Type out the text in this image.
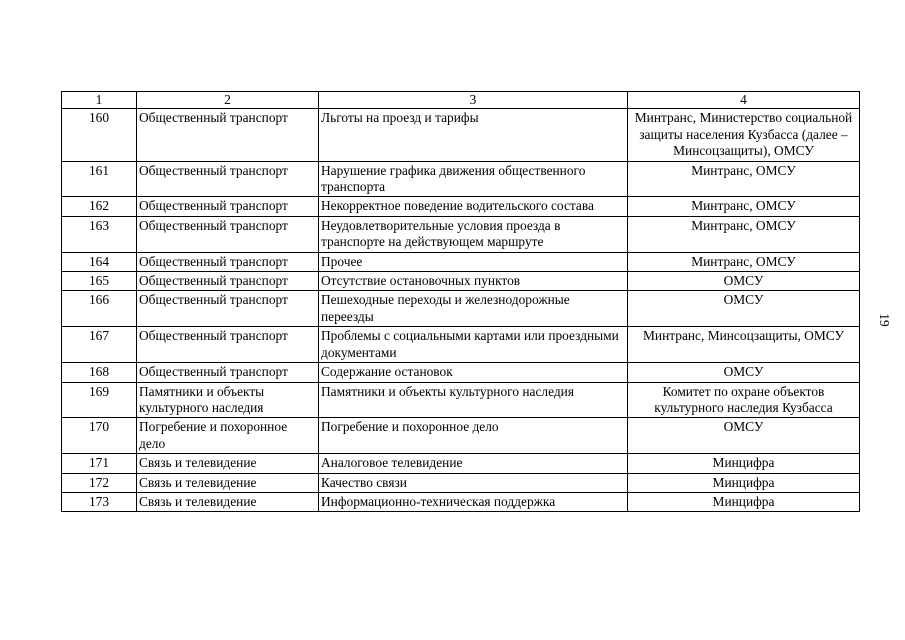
1	2	3	4
160	Общественный транспорт	Льготы на проезд и тарифы	Минтранс, Министерство социальной защиты населения Кузбасса (далее – Минсоцзащиты), ОМСУ
161	Общественный транспорт	Нарушение графика движения общественного транспорта	Минтранс, ОМСУ
162	Общественный транспорт	Некорректное поведение водительского состава	Минтранс, ОМСУ
163	Общественный транспорт	Неудовлетворительные условия проезда в транспорте на действующем маршруте	Минтранс, ОМСУ
164	Общественный транспорт	Прочее	Минтранс, ОМСУ
165	Общественный транспорт	Отсутствие остановочных пунктов	ОМСУ
166	Общественный транспорт	Пешеходные переходы и железнодорожные переезды	ОМСУ
167	Общественный транспорт	Проблемы с социальными картами или проездными документами	Минтранс, Минсоцзащиты, ОМСУ
168	Общественный транспорт	Содержание остановок	ОМСУ
169	Памятники и объекты культурного наследия	Памятники и объекты культурного наследия	Комитет по охране объектов культурного наследия Кузбасса
170	Погребение и похоронное дело	Погребение и похоронное дело	ОМСУ
171	Связь и телевидение	Аналоговое телевидение	Минцифра
172	Связь и телевидение	Качество связи	Минцифра
173	Связь и телевидение	Информационно-техническая поддержка	Минцифра
19
